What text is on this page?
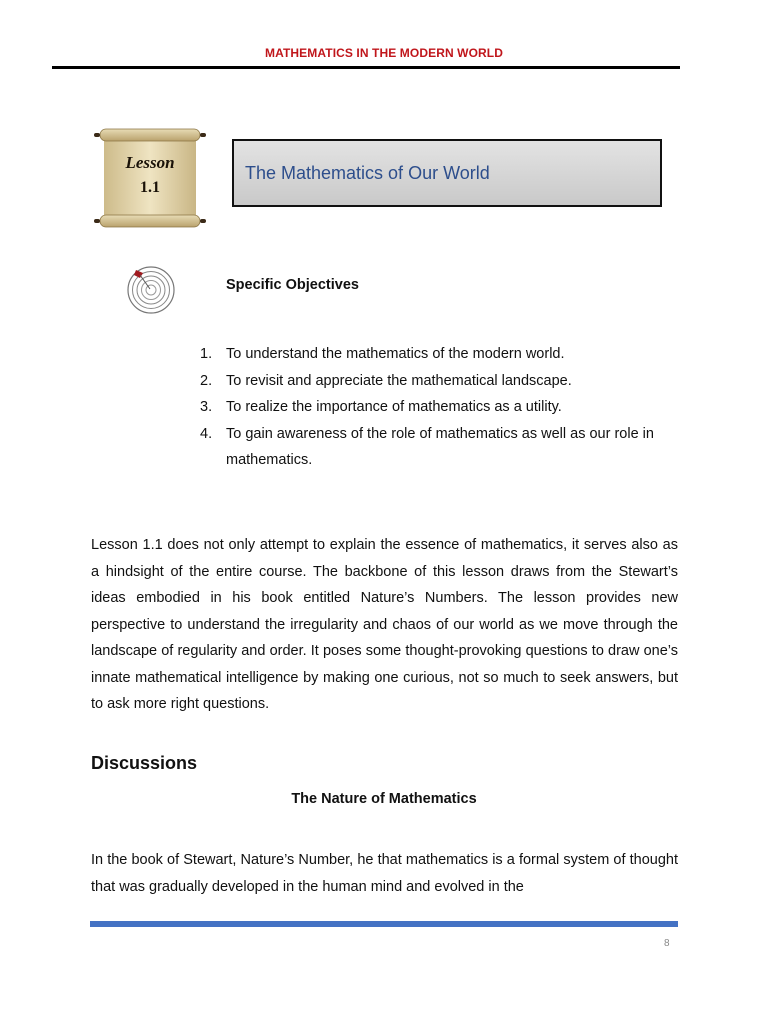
MATHEMATICS IN THE MODERN WORLD
Lesson
1.1
The Mathematics of Our World
Specific Objectives
1. To understand the mathematics of the modern world.
2. To revisit and appreciate the mathematical landscape.
3. To realize the importance of mathematics as a utility.
4. To gain awareness of the role of mathematics as well as our role in mathematics.

Lesson 1.1 does not only attempt to explain the essence of mathematics, it serves also as a hindsight of the entire course. The backbone of this lesson draws from the Stewart’s ideas embodied in his book entitled Nature’s Numbers. The lesson provides new perspective to understand the irregularity and chaos of our world as we move through the landscape of regularity and order. It poses some thought-provoking questions to draw one’s innate mathematical intelligence by making one curious, not so much to seek answers, but to ask more right questions.

Discussions
The Nature of Mathematics

In the book of Stewart, Nature’s Number, he that mathematics is a formal system of thought that was gradually developed in the human mind and evolved in the

8
